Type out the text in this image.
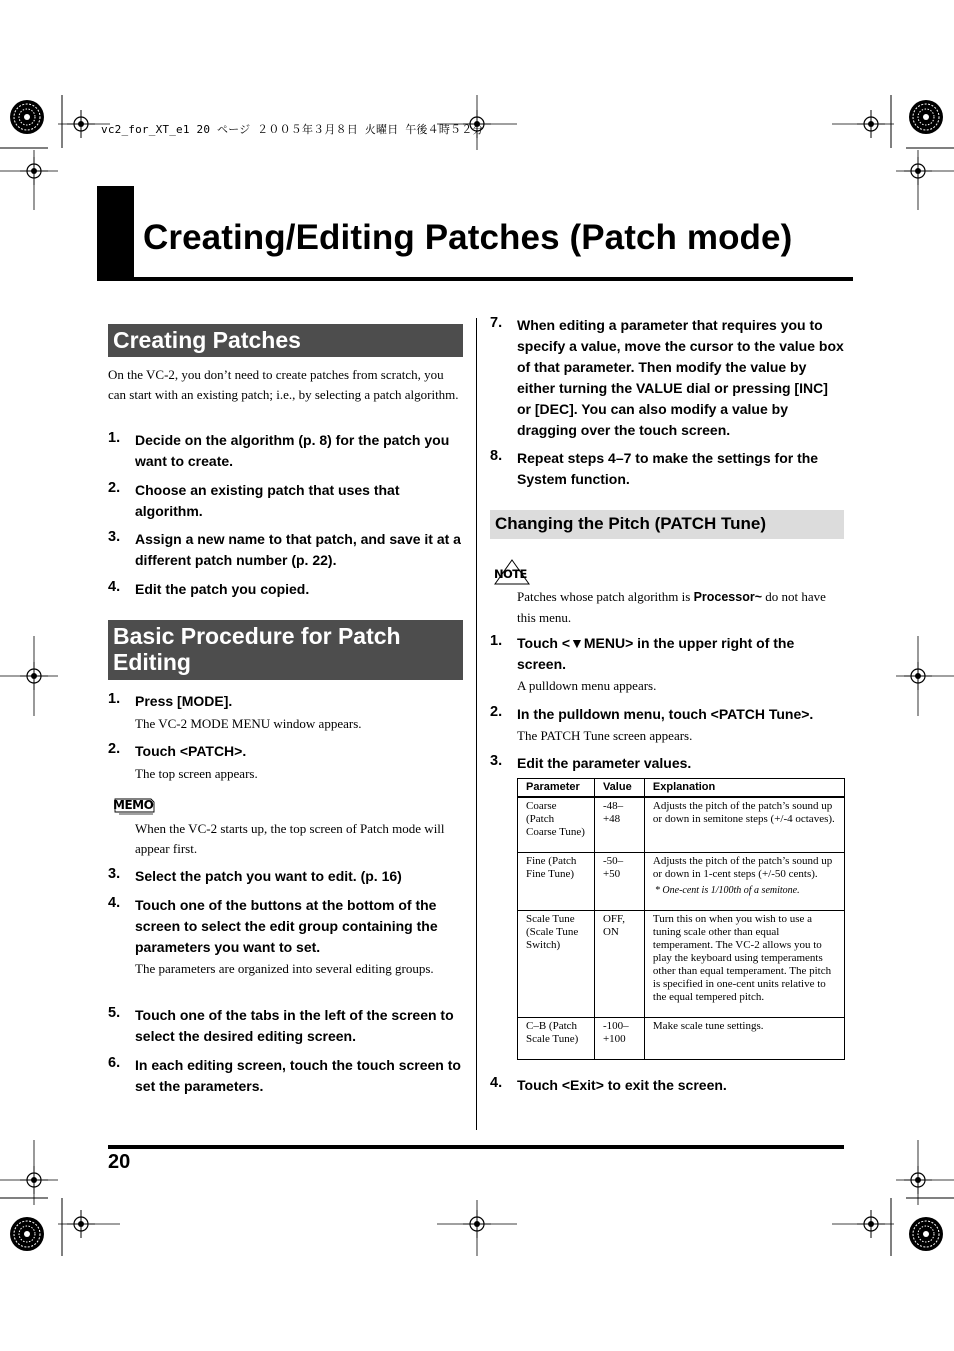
vc2_for_XT_e1 20 ページ ２００５年３月８日 火曜日 午後４時５２分
Creating/Editing Patches (Patch mode)
Creating Patches
On the VC-2, you don’t need to create patches from scratch, you can start with an existing patch; i.e., by selecting a patch algorithm.
1. Decide on the algorithm (p. 8) for the patch you want to create.
2. Choose an existing patch that uses that algorithm.
3. Assign a new name to that patch, and save it at a different patch number (p. 22).
4. Edit the patch you copied.
Basic Procedure for Patch Editing
1. Press [MODE].
The VC-2 MODE MENU window appears.
2. Touch <PATCH>.
The top screen appears.
MEMO
When the VC-2 starts up, the top screen of Patch mode will appear first.
3. Select the patch you want to edit. (p. 16)
4. Touch one of the buttons at the bottom of the screen to select the edit group containing the parameters you want to set.
The parameters are organized into several editing groups.
5. Touch one of the tabs in the left of the screen to select the desired editing screen.
6. In each editing screen, touch the touch screen to set the parameters.
7. When editing a parameter that requires you to specify a value, move the cursor to the value box of that parameter. Then modify the value by either turning the VALUE dial or pressing [INC] or [DEC]. You can also modify a value by dragging over the touch screen.
8. Repeat steps 4–7 to make the settings for the System function.
Changing the Pitch (PATCH Tune)
NOTE
Patches whose patch algorithm is Processor~ do not have this menu.
1. Touch <▼MENU> in the upper right of the screen.
A pulldown menu appears.
2. In the pulldown menu, touch <PATCH Tune>.
The PATCH Tune screen appears.
3. Edit the parameter values.
Parameter	Value	Explanation
Coarse (Patch Coarse Tune)	-48– +48	Adjusts the pitch of the patch’s sound up or down in semitone steps (+/-4 octaves).
Fine (Patch Fine Tune)	-50– +50	Adjusts the pitch of the patch’s sound up or down in 1-cent steps (+/-50 cents).
* One-cent is 1/100th of a semitone.

Scale Tune (Scale Tune Switch)	OFF, ON	Turn this on when you wish to use a tuning scale other than equal temperament. The VC-2 allows you to play the keyboard using temperaments other than equal temperament. The pitch is specified in one-cent units relative to the equal tempered pitch.
C–B (Patch Scale Tune)	-100– +100	Make scale tune settings.
4. Touch <Exit> to exit the screen.
20
